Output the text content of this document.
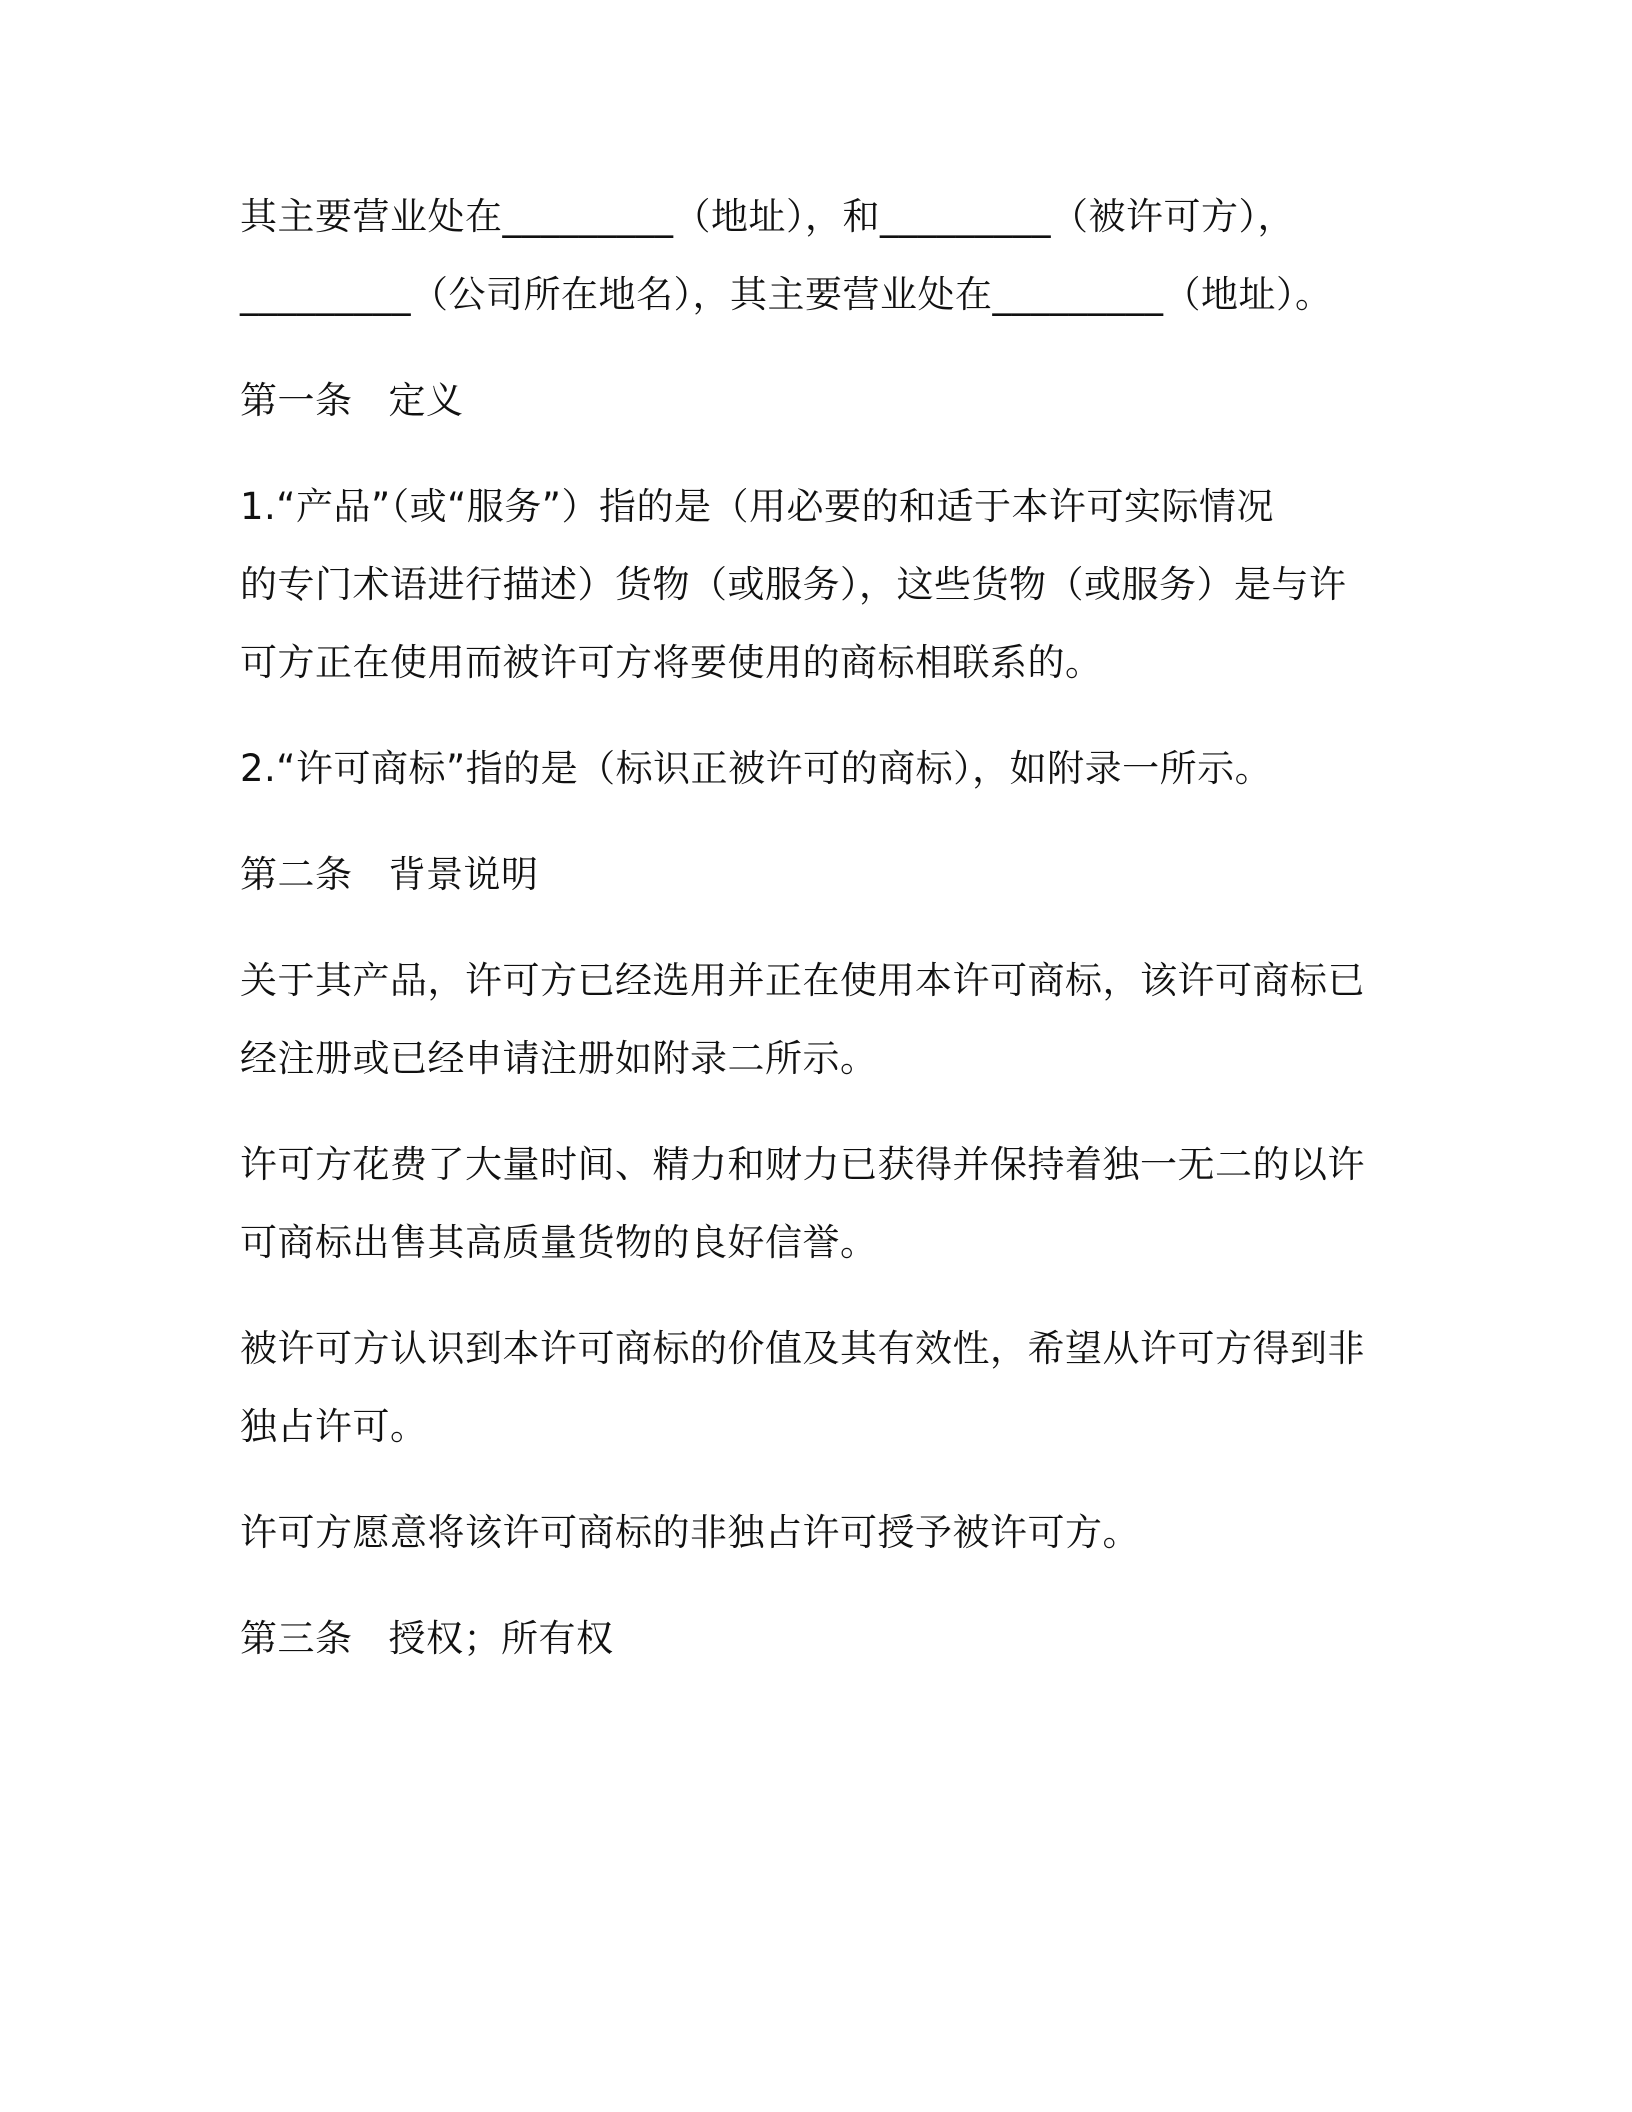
其主要营业处在_________（地址），和_________（被许可方），
_________（公司所在地名），其主要营业处在_________（地址）。
第一条 定义
1.“产品”（或“服务”）指的是（用必要的和适于本许可实际情况
的专门术语进行描述）货物（或服务），这些货物（或服务）是与许
可方正在使用而被许可方将要使用的商标相联系的。
2.“许可商标”指的是（标识正被许可的商标），如附录一所示。
第二条 背景说明
关于其产品，许可方已经选用并正在使用本许可商标，该许可商标已
经注册或已经申请注册如附录二所示。
许可方花费了大量时间、精力和财力已获得并保持着独一无二的以许
可商标出售其高质量货物的良好信誉。
被许可方认识到本许可商标的价值及其有效性，希望从许可方得到非
独占许可。
许可方愿意将该许可商标的非独占许可授予被许可方。
第三条 授权；所有权
